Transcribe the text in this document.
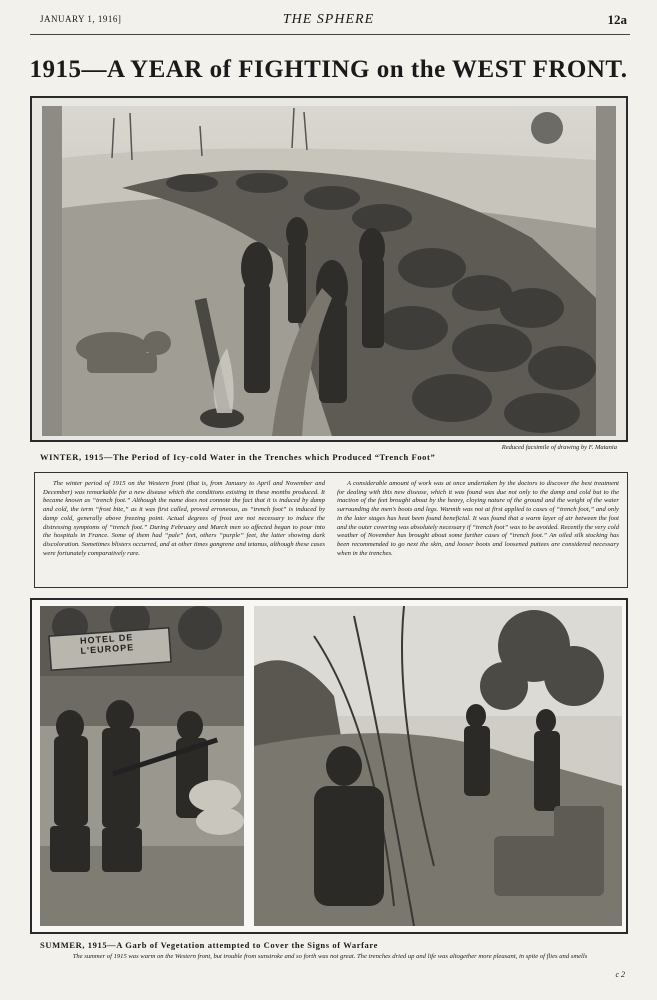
JANUARY 1, 1916]	THE SPHERE	12a
1915—A YEAR of FIGHTING on the WEST FRONT.
Reduced facsimile of drawing by F. Matania
WINTER, 1915—The Period of Icy-cold Water in the Trenches which Produced “Trench Foot”
The winter period of 1915 on the Western front (that is, from January to April and November and December) was remarkable for a new disease which the conditions existing in these months produced. It became known as “trench foot.” Although the name does not connote the fact that it is induced by damp and cold, the term “frost bite,” as it was first called, proved erroneous, as “trench foot” is induced by damp cold, generally above freezing point. Actual degrees of frost are not necessary to induce the distressing symptoms of “trench foot.” During February and March men so affected began to pour into the hospitals in France. Some of them had “pale” feet, others “purple” feet, the latter showing dark discoloration. Sometimes blisters occurred, and at other times gangrene and tetanus, although these cases were fortunately comparatively rare.
A considerable amount of work was at once undertaken by the doctors to discover the best treatment for dealing with this new disease, which it was found was due not only to the damp and cold but to the inaction of the feet brought about by the heavy, cloying nature of the ground and the weight of the water surrounding the men's boots and legs. Warmth was not at first applied to cases of “trench foot,” and only in the later stages has heat been found beneficial. It was found that a warm layer of air between the foot and the outer covering was absolutely necessary if “trench foot” was to be avoided. Recently the very cold weather of November has brought about some further cases of “trench foot.” An oiled silk stocking has been recommended to go next the skin, and looser boots and loosened puttees are considered necessary when in the trenches.
HOTEL DE L'EUROPE
SUMMER, 1915—A Garb of Vegetation attempted to Cover the Signs of Warfare
The summer of 1915 was warm on the Western front, but trouble from sunstroke and so forth was not great. The trenches dried up and life was altogether more pleasant, in spite of flies and smells
c 2
